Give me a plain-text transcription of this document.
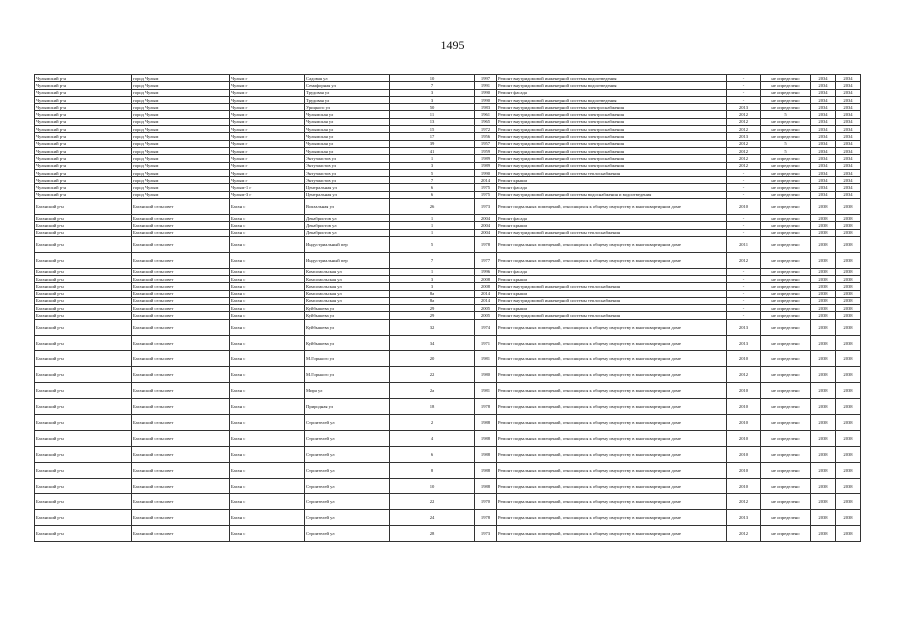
1495
Чулымский р-н	город Чулым	Чулым г	Садовая ул	10	1997	Ремонт внутридомовой инженерной системы водоотведения	-	не определено	2034	2034
Чулымский р-н	город Чулым	Чулым г	Семафорная ул	7	1991	Ремонт внутридомовой инженерной системы водоотведения	-	не определено	2034	2034
Чулымский р-н	город Чулым	Чулым г	Трудовая ул	3	1990	Ремонт фасада	-	не определено	2034	2034
Чулымский р-н	город Чулым	Чулым г	Трудовая ул	3	1990	Ремонт внутридомовой инженерной системы водоотведения	-	не определено	2034	2034
Чулымский р-н	город Чулым	Чулым г	Урицкого ул	50	1983	Ремонт внутридомовой инженерной системы электроснабжения	2013	не определено	2034	2034
Чулымский р-н	город Чулым	Чулым г	Чулымская ул	11	1961	Ремонт внутридомовой инженерной системы электроснабжения	2012	5	2034	2034
Чулымский р-н	город Чулым	Чулым г	Чулымская ул	13	1965	Ремонт внутридомовой инженерной системы электроснабжения	2012	не определено	2034	2034
Чулымский р-н	город Чулым	Чулым г	Чулымская ул	15	1972	Ремонт внутридомовой инженерной системы электроснабжения	2012	не определено	2034	2034
Чулымский р-н	город Чулым	Чулым г	Чулымская ул	17	1956	Ремонт внутридомовой инженерной системы электроснабжения	2013	не определено	2034	2034
Чулымский р-н	город Чулым	Чулым г	Чулымская ул	39	1957	Ремонт внутридомовой инженерной системы электроснабжения	2012	5	2034	2034
Чулымский р-н	город Чулым	Чулым г	Чулымская ул	41	1959	Ремонт внутридомовой инженерной системы электроснабжения	2012	5	2034	2034
Чулымский р-н	город Чулым	Чулым г	Энтузиастов ул	1	1989	Ремонт внутридомовой инженерной системы электроснабжения	2012	не определено	2034	2034
Чулымский р-н	город Чулым	Чулым г	Энтузиастов ул	3	1989	Ремонт внутридомовой инженерной системы электроснабжения	2012	не определено	2034	2034
Чулымский р-н	город Чулым	Чулым г	Энтузиастов ул	5	1990	Ремонт внутридомовой инженерной системы теплоснабжения	-	не определено	2034	2034
Чулымский р-н	город Чулым	Чулым г	Энтузиастов ул	7	2014	Ремонт крыши	-	не определено	2034	2034
Чулымский р-н	город Чулым	Чулым-1 г	Центральная ул	6	1975	Ремонт фасада	-	не определено	2034	2034
Чулымский р-н	город Чулым	Чулым-3 г	Центральная ул	6	1975	Ремонт внутридомовой инженерной системы водоснабжения и водоотведения	-	не определено	2034	2034
Баганский р-н	Баганский сельсовет	Баган с	Вокзальная ул	26	1973	Ремонт подвальных помещений, относящихся к общему имуществу в многоквартирном доме	2010	не определено	2038	2038
Баганский р-н	Баганский сельсовет	Баган с	Декабристов ул	1	2004	Ремонт фасада	-	не определено	2038	2038
Баганский р-н	Баганский сельсовет	Баган с	Декабристов ул	1	2004	Ремонт крыши	-	не определено	2038	2038
Баганский р-н	Баганский сельсовет	Баган с	Декабристов ул	1	2004	Ремонт внутридомовой инженерной системы теплоснабжения	-	не определено	2038	2038
Баганский р-н	Баганский сельсовет	Баган с	Индустриальный пер	5	1978	Ремонт подвальных помещений, относящихся к общему имуществу в многоквартирном доме	2011	не определено	2038	2038
Баганский р-н	Баганский сельсовет	Баган с	Индустриальный пер	7	1977	Ремонт подвальных помещений, относящихся к общему имуществу в многоквартирном доме	2012	не определено	2038	2038
Баганский р-н	Баганский сельсовет	Баган с	Комсомольская ул	1	1996	Ремонт фасада	-	не определено	2038	2038
Баганский р-н	Баганский сельсовет	Баган с	Комсомольская ул	3	2008	Ремонт крыши	-	не определено	2038	2038
Баганский р-н	Баганский сельсовет	Баган с	Комсомольская ул	3	2008	Ремонт внутридомовой инженерной системы теплоснабжения	-	не определено	2038	2038
Баганский р-н	Баганский сельсовет	Баган с	Комсомольская ул	8а	2014	Ремонт крыши	-	не определено	2038	2038
Баганский р-н	Баганский сельсовет	Баган с	Комсомольская ул	8а	2014	Ремонт внутридомовой инженерной системы теплоснабжения	-	не определено	2038	2038
Баганский р-н	Баганский сельсовет	Баган с	Куйбышева ул	29	2005	Ремонт крыши	-	не определено	2038	2038
Баганский р-н	Баганский сельсовет	Баган с	Куйбышева ул	29	2005	Ремонт внутридомовой инженерной системы теплоснабжения	-	не определено	2038	2038
Баганский р-н	Баганский сельсовет	Баган с	Куйбышева ул	32	1974	Ремонт подвальных помещений, относящихся к общему имуществу в многоквартирном доме	2013	не определено	2038	2038
Баганский р-н	Баганский сельсовет	Баган с	Куйбышева ул	34	1971	Ремонт подвальных помещений, относящихся к общему имуществу в многоквартирном доме	2013	не определено	2038	2038
Баганский р-н	Баганский сельсовет	Баган с	М.Горького ул	20	1981	Ремонт подвальных помещений, относящихся к общему имуществу в многоквартирном доме	2010	не определено	2038	2038
Баганский р-н	Баганский сельсовет	Баган с	М.Горького ул	22	1980	Ремонт подвальных помещений, относящихся к общему имуществу в многоквартирном доме	2012	не определено	2038	2038
Баганский р-н	Баганский сельсовет	Баган с	Мира ул	2а	1981	Ремонт подвальных помещений, относящихся к общему имуществу в многоквартирном доме	2010	не определено	2038	2038
Баганский р-н	Баганский сельсовет	Баган с	Природная ул	18	1978	Ремонт подвальных помещений, относящихся к общему имуществу в многоквартирном доме	2010	не определено	2038	2038
Баганский р-н	Баганский сельсовет	Баган с	Строителей ул	2	1988	Ремонт подвальных помещений, относящихся к общему имуществу в многоквартирном доме	2010	не определено	2038	2038
Баганский р-н	Баганский сельсовет	Баган с	Строителей ул	4	1988	Ремонт подвальных помещений, относящихся к общему имуществу в многоквартирном доме	2010	не определено	2038	2038
Баганский р-н	Баганский сельсовет	Баган с	Строителей ул	6	1988	Ремонт подвальных помещений, относящихся к общему имуществу в многоквартирном доме	2010	не определено	2038	2038
Баганский р-н	Баганский сельсовет	Баган с	Строителей ул	8	1988	Ремонт подвальных помещений, относящихся к общему имуществу в многоквартирном доме	2010	не определено	2038	2038
Баганский р-н	Баганский сельсовет	Баган с	Строителей ул	10	1988	Ремонт подвальных помещений, относящихся к общему имуществу в многоквартирном доме	2010	не определено	2038	2038
Баганский р-н	Баганский сельсовет	Баган с	Строителей ул	22	1970	Ремонт подвальных помещений, относящихся к общему имуществу в многоквартирном доме	2012	не определено	2038	2038
Баганский р-н	Баганский сельсовет	Баган с	Строителей ул	24	1978	Ремонт подвальных помещений, относящихся к общему имуществу в многоквартирном доме	2013	не определено	2038	2038
Баганский р-н	Баганский сельсовет	Баган с	Строителей ул	28	1973	Ремонт подвальных помещений, относящихся к общему имуществу в многоквартирном доме	2012	не определено	2038	2038
